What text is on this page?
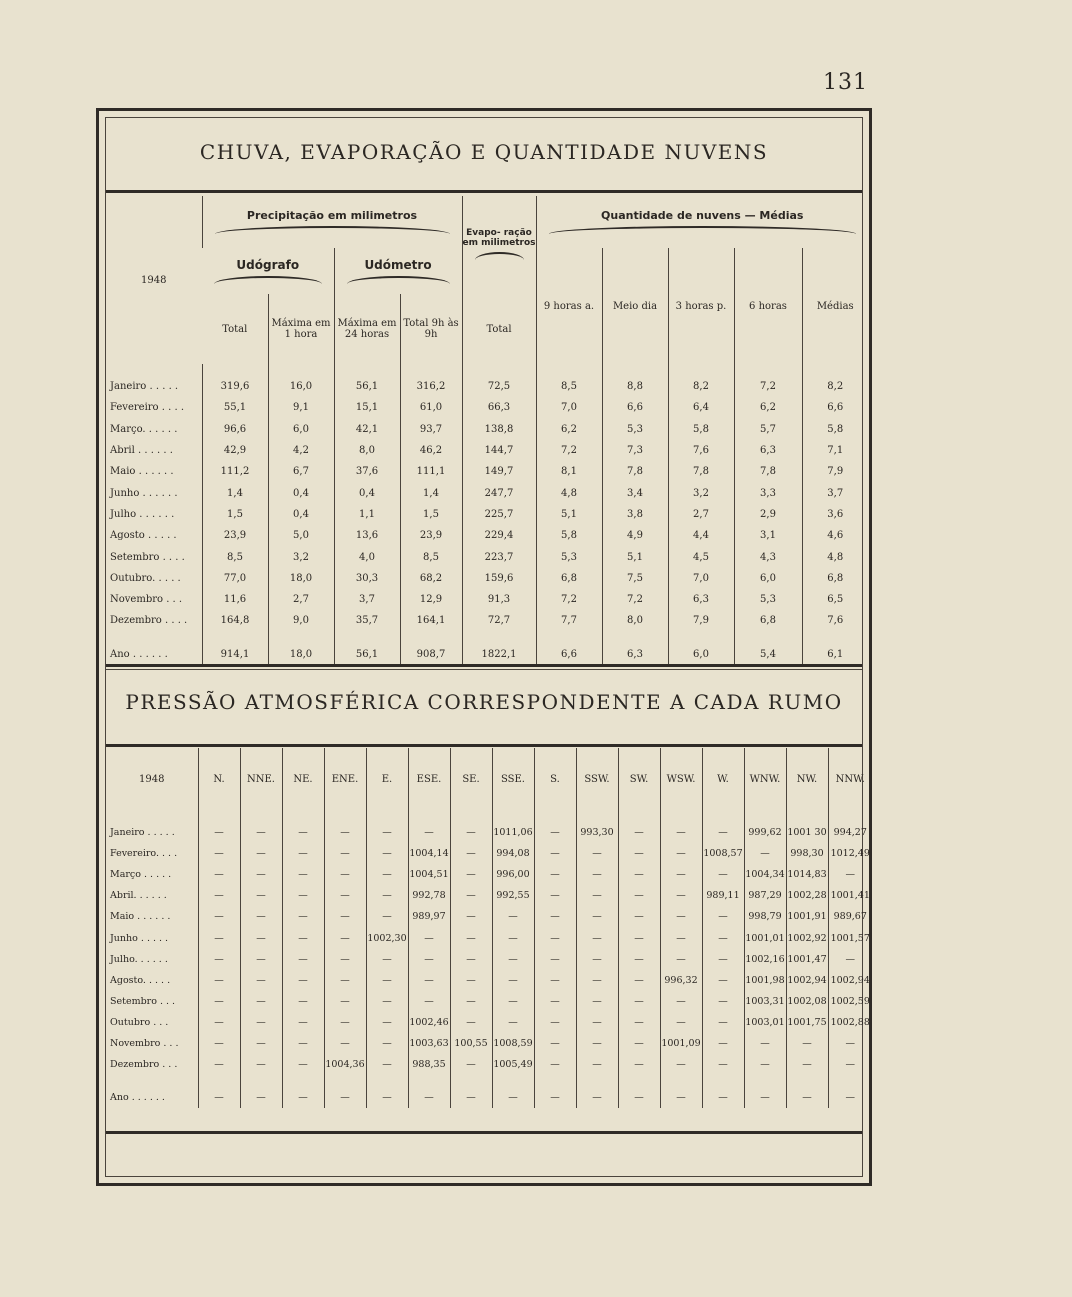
131
CHUVA, EVAPORAÇÃO E QUANTIDADE NUVENS
1948	Precipitação em milimetros				Evapo- ração em milimetros	Quantidade de nuvens — Médias				

	Udógrafo		Udómetro			9 horas a.	Meio dia	3 horas p.	6 horas	Médias
	Total	Máxima em 1 hora	Máxima em 24 horas	Total 9h às 9h	Total					

Janeiro . . . . .	319,6	16,0	56,1	316,2	72,5	8,5	8,8	8,2	7,2	8,2
Fevereiro . . . .	55,1	9,1	15,1	61,0	66,3	7,0	6,6	6,4	6,2	6,6
Março. . . . . .	96,6	6,0	42,1	93,7	138,8	6,2	5,3	5,8	5,7	5,8
Abril . . . . . .	42,9	4,2	8,0	46,2	144,7	7,2	7,3	7,6	6,3	7,1
Maio . . . . . .	111,2	6,7	37,6	111,1	149,7	8,1	7,8	7,8	7,8	7,9
Junho . . . . . .	1,4	0,4	0,4	1,4	247,7	4,8	3,4	3,2	3,3	3,7
Julho . . . . . .	1,5	0,4	1,1	1,5	225,7	5,1	3,8	2,7	2,9	3,6
Agosto . . . . .	23,9	5,0	13,6	23,9	229,4	5,8	4,9	4,4	3,1	4,6
Setembro . . . .	8,5	3,2	4,0	8,5	223,7	5,3	5,1	4,5	4,3	4,8
Outubro. . . . .	77,0	18,0	30,3	68,2	159,6	6,8	7,5	7,0	6,0	6,8
Novembro . . .	11,6	2,7	3,7	12,9	91,3	7,2	7,2	6,3	5,3	6,5
Dezembro . . . .	164,8	9,0	35,7	164,1	72,7	7,7	8,0	7,9	6,8	7,6

Ano . . . . . .	914,1	18,0	56,1	908,7	1822,1	6,6	6,3	6,0	5,4	6,1
PRESSÃO ATMOSFÉRICA CORRESPONDENTE A CADA RUMO
1948	N.	NNE.	NE.	ENE.	E.	ESE.	SE.	SSE.	S.	SSW.	SW.	WSW.	W.	WNW.	NW.	NNW.

Janeiro . . . . .	—	—	—	—	—	—	—	1011,06	—	993,30	—	—	—	999,62	1001 30	994,27
Fevereiro. . . .	—	—	—	—	—	1004,14	—	994,08	—	—	—	—	1008,57	—	998,30	1012,49
Março . . . . .	—	—	—	—	—	1004,51	—	996,00	—	—	—	—	—	1004,34	1014,83	—
Abril. . . . . .	—	—	—	—	—	992,78	—	992,55	—	—	—	—	989,11	987,29	1002,28	1001,41
Maio . . . . . .	—	—	—	—	—	989,97	—	—	—	—	—	—	—	998,79	1001,91	989,67
Junho . . . . .	—	—	—	—	1002,30	—	—	—	—	—	—	—	—	1001,01	1002,92	1001,57
Julho. . . . . .	—	—	—	—	—	—	—	—	—	—	—	—	—	1002,16	1001,47	—
Agosto. . . . .	—	—	—	—	—	—	—	—	—	—	—	996,32	—	1001,98	1002,94	1002,94
Setembro . . .	—	—	—	—	—	—	—	—	—	—	—	—	—	1003,31	1002,08	1002,59
Outubro . . .	—	—	—	—	—	1002,46	—	—	—	—	—	—	—	1003,01	1001,75	1002,88
Novembro . . .	—	—	—	—	—	1003,63	100,55	1008,59	—	—	—	1001,09	—	—	—	—
Dezembro . . .	—	—	—	1004,36	—	988,35	—	1005,49	—	—	—	—	—	—	—	—

Ano . . . . . .	—	—	—	—	—	—	—	—	—	—	—	—	—	—	—	—
